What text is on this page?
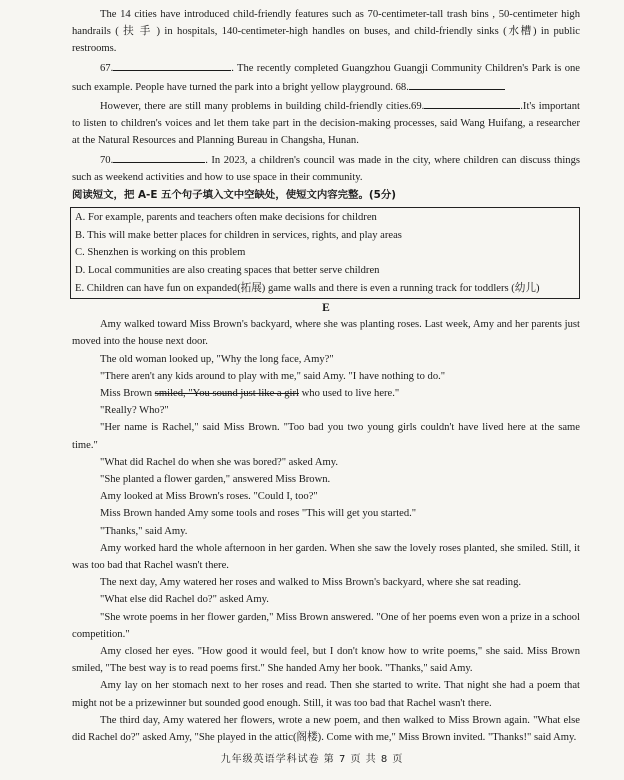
The 14 cities have introduced child-friendly features such as 70-centimeter-tall trash bins , 50-centimeter high handrails ( 扶 手 ) in hospitals, 140-centimeter-high handles on buses, and child-friendly sinks (水槽) in public restrooms.

67.	. The recently completed Guangzhou Guangji Community Children's Park is one such example. People have turned the park into a bright yellow playground. 68.

However, there are still many problems in building child-friendly cities.69.	.It's important to listen to children's voices and let them take part in the decision-making processes, said Wang Huifang, a researcher at the Natural Resources and Planning Bureau in Changsha, Hunan.

70.	. In 2023, a children's council was made in the city, where children can discuss things such as weekend activities and how to use space in their community.

阅读短文，把 A-E 五个句子填入文中空缺处，使短文内容完整。(5分)
A. For example, parents and teachers often make decisions for children
B. This will make better places for children in services, rights, and play areas
C. Shenzhen is working on this problem
D. Local communities are also creating spaces that better serve children
E. Children can have fun on expanded(拓展) game walls and there is even a running track for toddlers (幼儿)
E

Amy walked toward Miss Brown's backyard, where she was planting roses. Last week, Amy and her parents just moved into the house next door.

The old woman looked up, "Why the long face, Amy?"

"There aren't any kids around to play with me," said Amy. "I have nothing to do."

Miss Brown smiled, "You sound just like a girl who used to live here."

"Really? Who?"

"Her name is Rachel," said Miss Brown. "Too bad you two young girls couldn't have lived here at the same time."

"What did Rachel do when she was bored?" asked Amy.

"She planted a flower garden," answered Miss Brown.

Amy looked at Miss Brown's roses. "Could I, too?"

Miss Brown handed Amy some tools and roses "This will get you started."

"Thanks," said Amy.

Amy worked hard the whole afternoon in her garden. When she saw the lovely roses planted, she smiled. Still, it was too bad that Rachel wasn't there.

The next day, Amy watered her roses and walked to Miss Brown's backyard, where she sat reading.

"What else did Rachel do?" asked Amy.

"She wrote poems in her flower garden," Miss Brown answered. "One of her poems even won a prize in a school competition."

Amy closed her eyes. "How good it would feel, but I don't know how to write poems," she said. Miss Brown smiled, "The best way is to read poems first." She handed Amy her book. "Thanks," said Amy.

Amy lay on her stomach next to her roses and read. Then she started to write. That night she had a poem that might not be a prizewinner but sounded good enough. Still, it was too bad that Rachel wasn't there.

The third day, Amy watered her flowers, wrote a new poem, and then walked to Miss Brown again. "What else did Rachel do?" asked Amy, "She played in the attic(阁楼). Come with me," Miss Brown invited. "Thanks!" said Amy.

九年级英语学科试卷 第 7 页 共 8 页
